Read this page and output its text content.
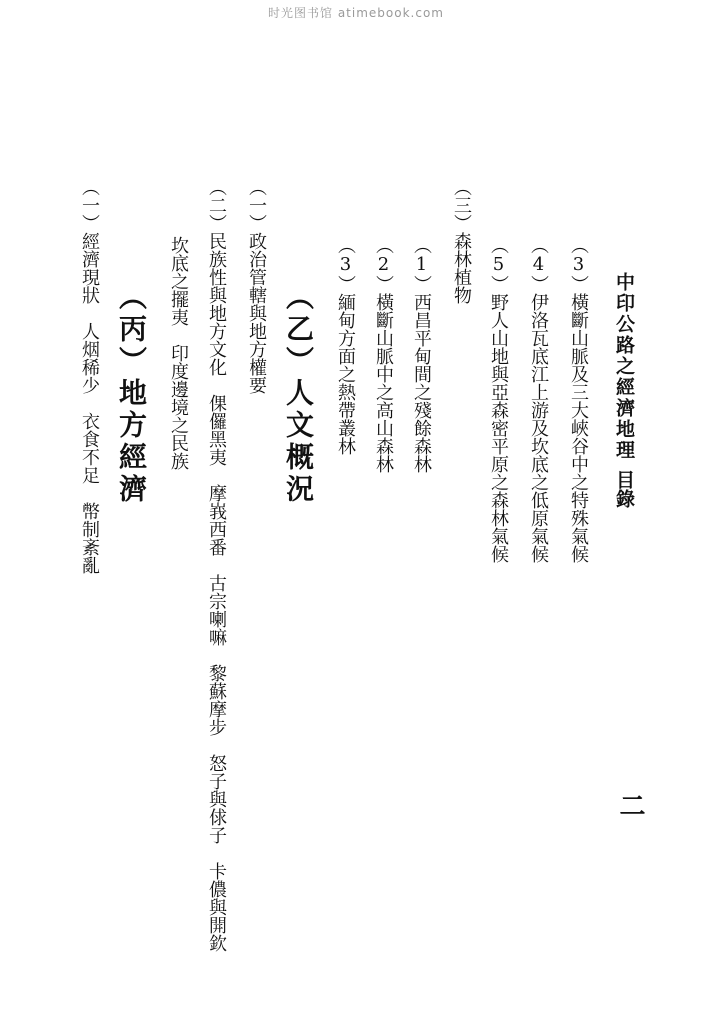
时光图书馆 atimebook.com
中印公路之經濟地理
目錄
二
（3）橫斷山脈及三大峽谷中之特殊氣候
（4）伊洛瓦底江上游及坎底之低原氣候
（5）野人山地與亞森密平原之森林氣候
（三）森林植物
（1）西昌平甸間之殘餘森林
（2）橫斷山脈中之高山森林
（3）緬甸方面之熱帶叢林
（乙）人文概況
（一）政治管轄與地方權要
（二）民族性與地方文化　倮儸黑夷　摩峩西番　古宗喇嘛　黎蘇摩步　怒子與俅子　卡儂與開欽
坎底之擺夷　印度邊境之民族
（丙）地方經濟
（一）經濟現狀　人烟稀少　衣食不足　幣制紊亂
